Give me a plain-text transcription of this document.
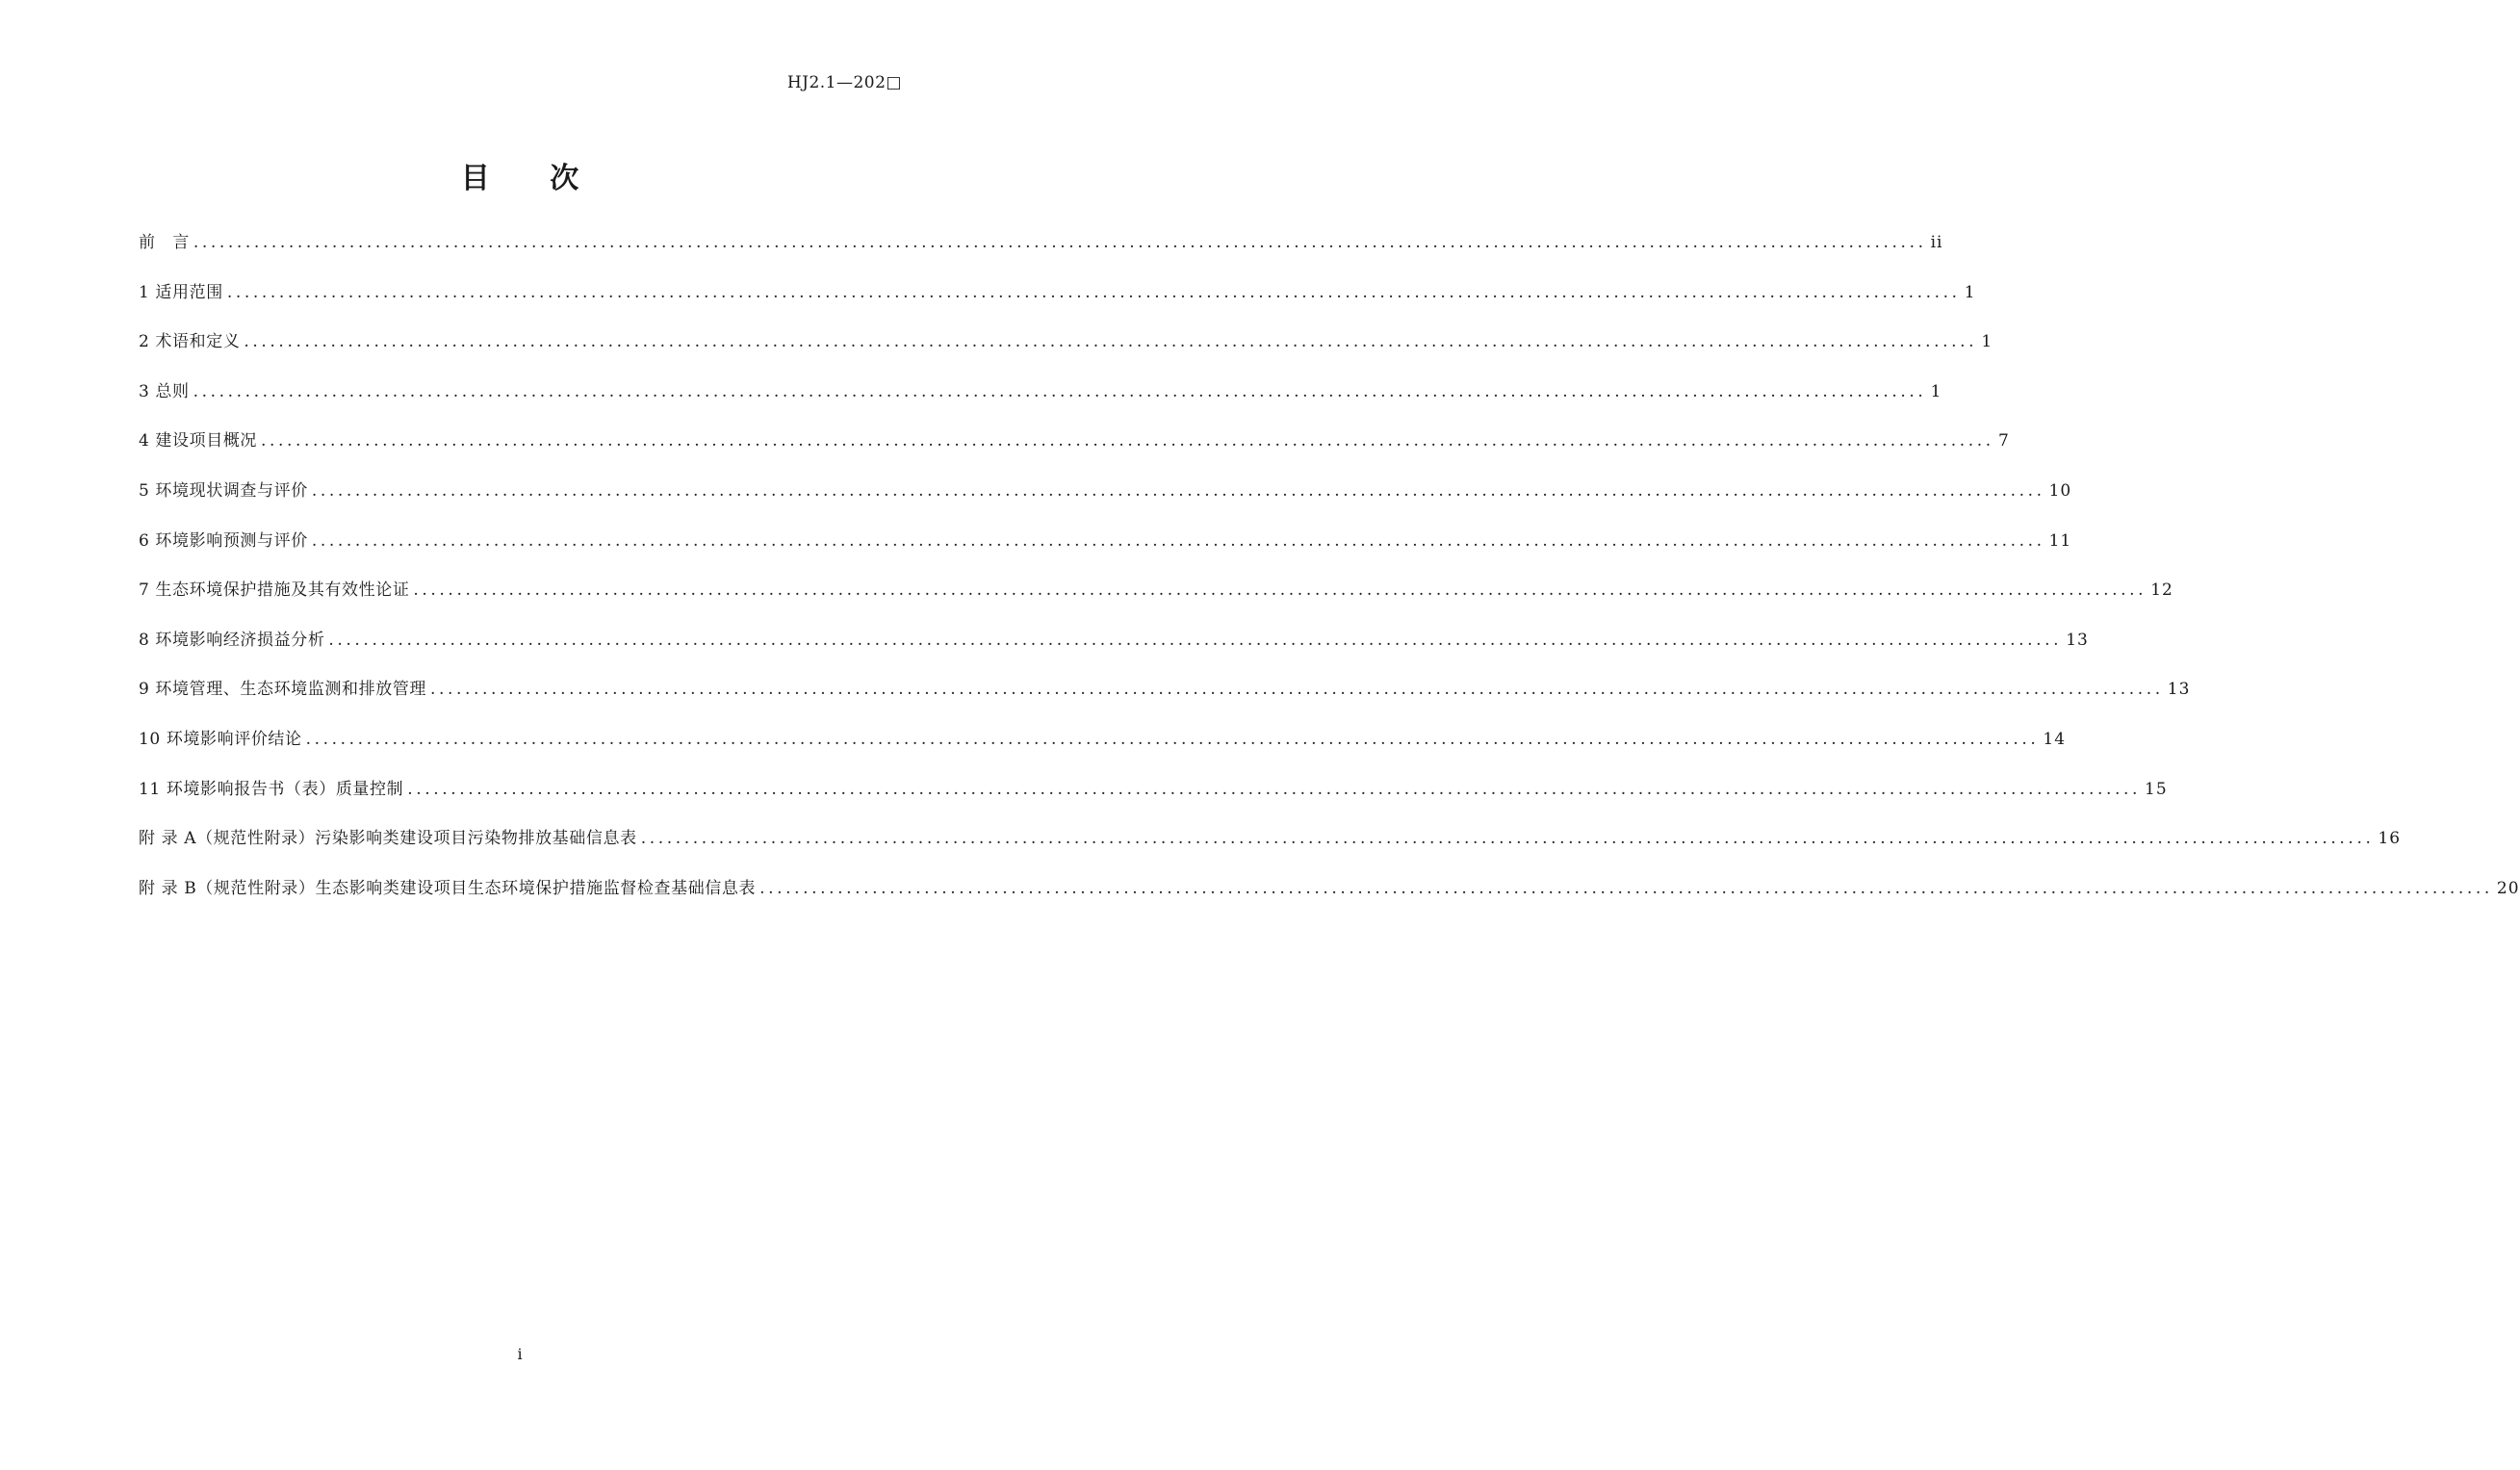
HJ2.1—202□
目 次
前　言 ........................................................................................................................................................................................................ ii
1 适用范围 ........................................................................................................................................................................................................ 1
2 术语和定义 ........................................................................................................................................................................................................ 1
3 总则 ........................................................................................................................................................................................................ 1
4 建设项目概况 ........................................................................................................................................................................................................ 7
5 环境现状调查与评价 ........................................................................................................................................................................................................ 10
6 环境影响预测与评价 ........................................................................................................................................................................................................ 11
7 生态环境保护措施及其有效性论证 ........................................................................................................................................................................................................ 12
8 环境影响经济损益分析 ........................................................................................................................................................................................................ 13
9 环境管理、生态环境监测和排放管理 ........................................................................................................................................................................................................ 13
10 环境影响评价结论 ........................................................................................................................................................................................................ 14
11 环境影响报告书（表）质量控制 ........................................................................................................................................................................................................ 15
附 录 A（规范性附录）污染影响类建设项目污染物排放基础信息表 ........................................................................................................................................................................................................ 16
附 录 B（规范性附录）生态影响类建设项目生态环境保护措施监督检查基础信息表 ........................................................................................................................................................................................................ 20
i
